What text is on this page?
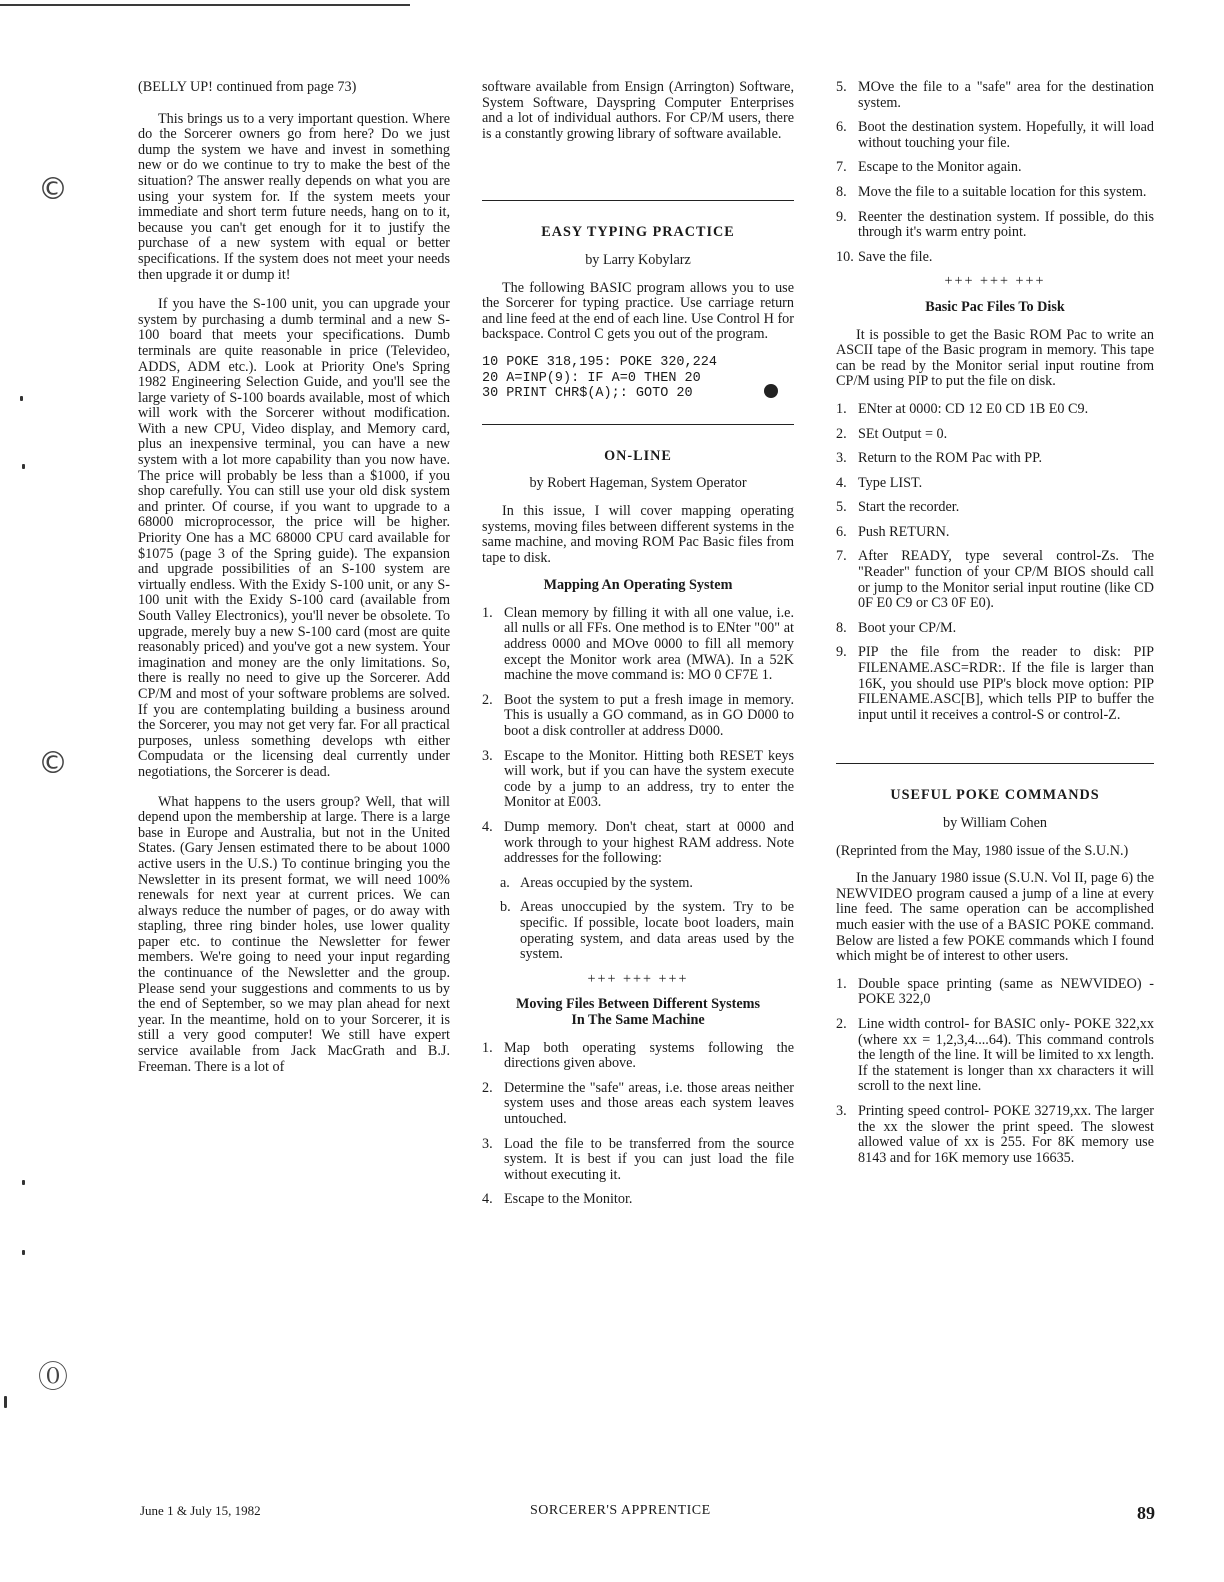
©
©
⓪

(BELLY UP! continued from page 73)

This brings us to a very important question. Where do the Sorcerer owners go from here? Do we just dump the system we have and invest in something new or do we continue to try to make the best of the situation? The answer really depends on what you are using your system for. If the system meets your immediate and short term future needs, hang on to it, because you can't get enough for it to justify the purchase of a new system with equal or better specifications. If the system does not meet your needs then upgrade it or dump it!

If you have the S-100 unit, you can upgrade your system by purchasing a dumb terminal and a new S-100 board that meets your specifications. Dumb terminals are quite reasonable in price (Televideo, ADDS, ADM etc.). Look at Priority One's Spring 1982 Engineering Selection Guide, and you'll see the large variety of S-100 boards available, most of which will work with the Sorcerer without modification. With a new CPU, Video display, and Memory card, plus an inexpensive terminal, you can have a new system with a lot more capability than you now have. The price will probably be less than a $1000, if you shop carefully. You can still use your old disk system and printer. Of course, if you want to upgrade to a 68000 microprocessor, the price will be higher. Priority One has a MC 68000 CPU card available for $1075 (page 3 of the Spring guide). The expansion and upgrade possibilities of an S-100 system are virtually endless. With the Exidy S-100 unit, or any S-100 unit with the Exidy S-100 card (available from South Valley Electronics), you'll never be obsolete. To upgrade, merely buy a new S-100 card (most are quite reasonably priced) and you've got a new system. Your imagination and money are the only limitations. So, there is really no need to give up the Sorcerer. Add CP/M and most of your software problems are solved. If you are contemplating building a business around the Sorcerer, you may not get very far. For all practical purposes, unless something develops wth either Compudata or the licensing deal currently under negotiations, the Sorcerer is dead.

What happens to the users group? Well, that will depend upon the membership at large. There is a large base in Europe and Australia, but not in the United States. (Gary Jensen estimated there to be about 1000 active users in the U.S.) To continue bringing you the Newsletter in its present format, we will need 100% renewals for next year at current prices. We can always reduce the number of pages, or do away with stapling, three ring binder holes, use lower quality paper etc. to continue the Newsletter for fewer members. We're going to need your input regarding the continuance of the Newsletter and the group. Please send your suggestions and comments to us by the end of September, so we may plan ahead for next year. In the meantime, hold on to your Sorcerer, it is still a very good computer! We still have expert service available from Jack MacGrath and B.J. Freeman. There is a lot of

software available from Ensign (Arrington) Software, System Software, Dayspring Computer Enterprises and a lot of individual authors. For CP/M users, there is a constantly growing library of software available.

EASY TYPING PRACTICE
by Larry Kobylarz

The following BASIC program allows you to use the Sorcerer for typing practice. Use carriage return and line feed at the end of each line. Use Control H for backspace. Control C gets you out of the program.

10 POKE 318,195: POKE 320,224
20 A=INP(9): IF A=0 THEN 20
30 PRINT CHR$(A);: GOTO 20
ON-LINE
by Robert Hageman, System Operator

In this issue, I will cover mapping operating systems, moving files between different systems in the same machine, and moving ROM Pac Basic files from tape to disk.

Mapping An Operating System
1. Clean memory by filling it with all one value, i.e. all nulls or all FFs. One method is to ENter "00" at address 0000 and MOve 0000 to fill all memory except the Monitor work area (MWA). In a 52K machine the move command is: MO 0 CF7E 1.
2. Boot the system to put a fresh image in memory. This is usually a GO command, as in GO D000 to boot a disk controller at address D000.
3. Escape to the Monitor. Hitting both RESET keys will work, but if you can have the system execute code by a jump to an address, try to enter the Monitor at E003.
4. Dump memory. Don't cheat, start at 0000 and work through to your highest RAM address. Note addresses for the following:
a. Areas occupied by the system.
b. Areas unoccupied by the system. Try to be specific. If possible, locate boot loaders, main operating system, and data areas used by the system.
+++ +++ +++
Moving Files Between Different Systems In The Same Machine
1. Map both operating systems following the directions given above.
2. Determine the "safe" areas, i.e. those areas neither system uses and those areas each system leaves untouched.
3. Load the file to be transferred from the source system. It is best if you can just load the file without executing it.
4. Escape to the Monitor.
5. MOve the file to a "safe" area for the destination system.
6. Boot the destination system. Hopefully, it will load without touching your file.
7. Escape to the Monitor again.
8. Move the file to a suitable location for this system.
9. Reenter the destination system. If possible, do this through it's warm entry point.
10. Save the file.
+++ +++ +++
Basic Pac Files To Disk

It is possible to get the Basic ROM Pac to write an ASCII tape of the Basic program in memory. This tape can be read by the Monitor serial input routine from CP/M using PIP to put the file on disk.

1. ENter at 0000: CD 12 E0 CD 1B E0 C9.
2. SEt Output = 0.
3. Return to the ROM Pac with PP.
4. Type LIST.
5. Start the recorder.
6. Push RETURN.
7. After READY, type several control-Zs. The "Reader" function of your CP/M BIOS should call or jump to the Monitor serial input routine (like CD 0F E0 C9 or C3 0F E0).
8. Boot your CP/M.
9. PIP the file from the reader to disk: PIP FILENAME.ASC=RDR:. If the file is larger than 16K, you should use PIP's block move option: PIP FILENAME.ASC[B], which tells PIP to buffer the input until it receives a control-S or control-Z.
USEFUL POKE COMMANDS
by William Cohen

(Reprinted from the May, 1980 issue of the S.U.N.)

In the January 1980 issue (S.U.N. Vol II, page 6) the NEWVIDEO program caused a jump of a line at every line feed. The same operation can be accomplished much easier with the use of a BASIC POKE command. Below are listed a few POKE commands which I found which might be of interest to other users.

1. Double space printing (same as NEWVIDEO) - POKE 322,0
2. Line width control- for BASIC only- POKE 322,xx (where xx = 1,2,3,4....64). This command controls the length of the line. It will be limited to xx length. If the statement is longer than xx characters it will scroll to the next line.
3. Printing speed control- POKE 32719,xx. The larger the xx the slower the print speed. The slowest allowed value of xx is 255. For 8K memory use 8143 and for 16K memory use 16635.
June 1 & July 15, 1982	SORCERER'S APPRENTICE	89
